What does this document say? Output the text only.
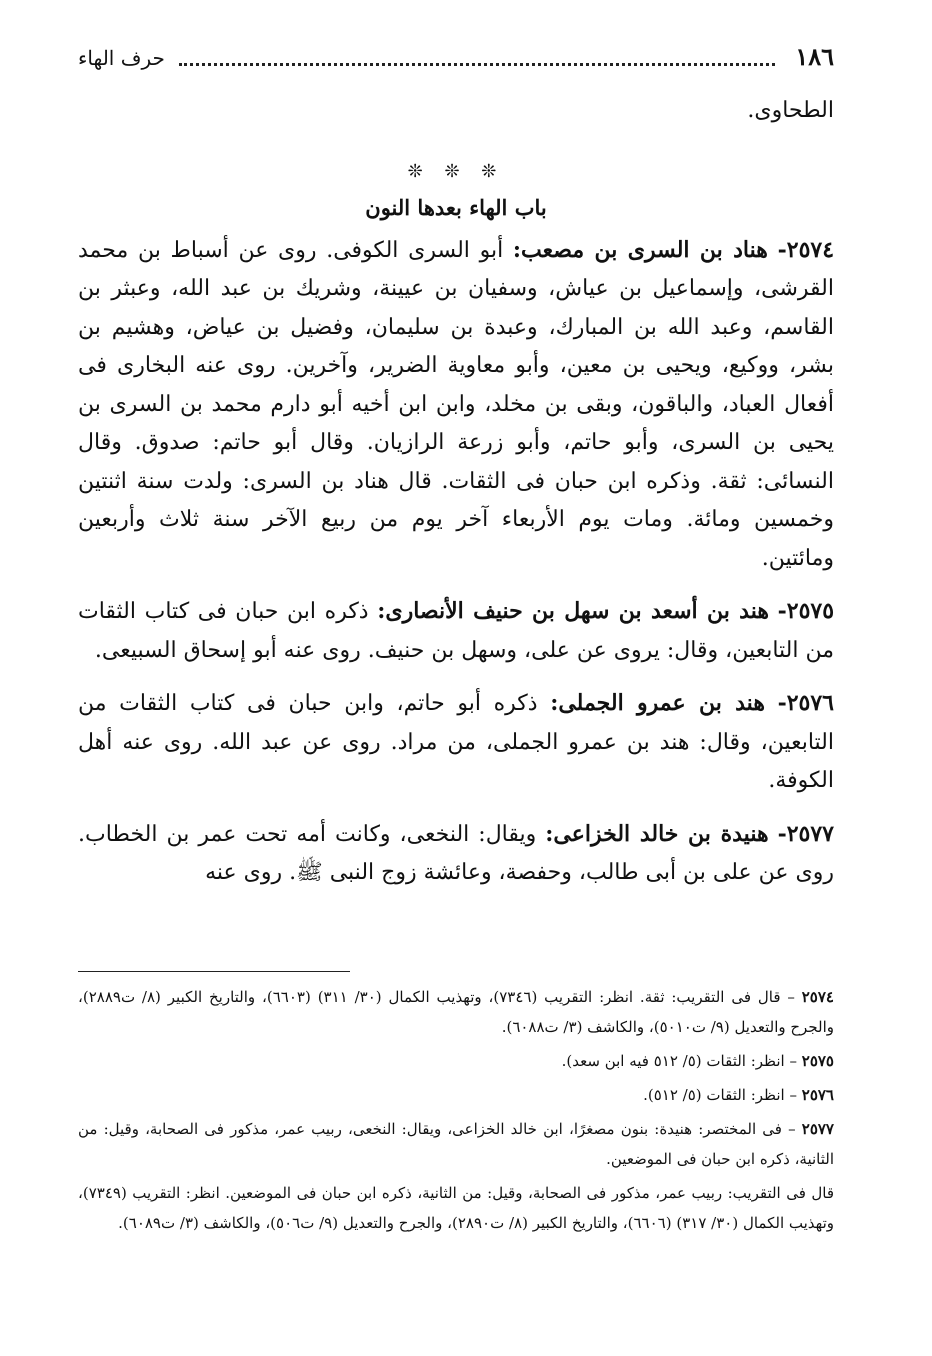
١٨٦
حرف الهاء

الطحاوى.

❊ ❊ ❊
باب الهاء بعدها النون

٢٥٧٤- هناد بن السرى بن مصعب: أبو السرى الكوفى. روى عن أسباط بن محمد القرشى، وإسماعيل بن عياش، وسفيان بن عيينة، وشريك بن عبد الله، وعبثر بن القاسم، وعبد الله بن المبارك، وعبدة بن سليمان، وفضيل بن عياض، وهشيم بن بشر، ووكيع، ويحيى بن معين، وأبو معاوية الضرير، وآخرين. روى عنه البخارى فى أفعال العباد، والباقون، وبقى بن مخلد، وابن ابن أخيه أبو دارم محمد بن السرى بن يحيى بن السرى، وأبو حاتم، وأبو زرعة الرازيان. وقال أبو حاتم: صدوق. وقال النسائى: ثقة. وذكره ابن حبان فى الثقات. قال هناد بن السرى: ولدت سنة اثنتين وخمسين ومائة. ومات يوم الأربعاء آخر يوم من ربيع الآخر سنة ثلاث وأربعين ومائتين.

٢٥٧٥- هند بن أسعد بن سهل بن حنيف الأنصارى: ذكره ابن حبان فى كتاب الثقات من التابعين، وقال: يروى عن على، وسهل بن حنيف. روى عنه أبو إسحاق السبيعى.

٢٥٧٦- هند بن عمرو الجملى: ذكره أبو حاتم، وابن حبان فى كتاب الثقات من التابعين، وقال: هند بن عمرو الجملى، من مراد. روى عن عبد الله. روى عنه أهل الكوفة.

٢٥٧٧- هنيدة بن خالد الخزاعى: ويقال: النخعى، وكانت أمه تحت عمر بن الخطاب. روى عن على بن أبى طالب، وحفصة، وعائشة زوج النبى ﷺ. روى عنه

٢٥٧٤ – قال فى التقريب: ثقة. انظر: التقريب (٧٣٤٦)، وتهذيب الكمال (٣٠/ ٣١١) (٦٦٠٣)، والتاريخ الكبير (٨/ ت٢٨٨٩)، والجرح والتعديل (٩/ ت٥٠١٠)، والكاشف (٣/ ت٦٠٨٨).

٢٥٧٥ – انظر: الثقات (٥/ ٥١٢ فيه ابن سعد).

٢٥٧٦ – انظر: الثقات (٥/ ٥١٢).

٢٥٧٧ – فى المختصر: هنيدة: بنون مصغرًا، ابن خالد الخزاعى، ويقال: النخعى، ربيب عمر، مذكور فى الصحابة، وقيل: من الثانية، ذكره ابن حبان فى الموضعين.

قال فى التقريب: ربيب عمر، مذكور فى الصحابة، وقيل: من الثانية، ذكره ابن حبان فى الموضعين. انظر: التقريب (٧٣٤٩)، وتهذيب الكمال (٣٠/ ٣١٧) (٦٦٠٦)، والتاريخ الكبير (٨/ ت٢٨٩٠)، والجرح والتعديل (٩/ ت٥٠٦)، والكاشف (٣/ ت٦٠٨٩).
